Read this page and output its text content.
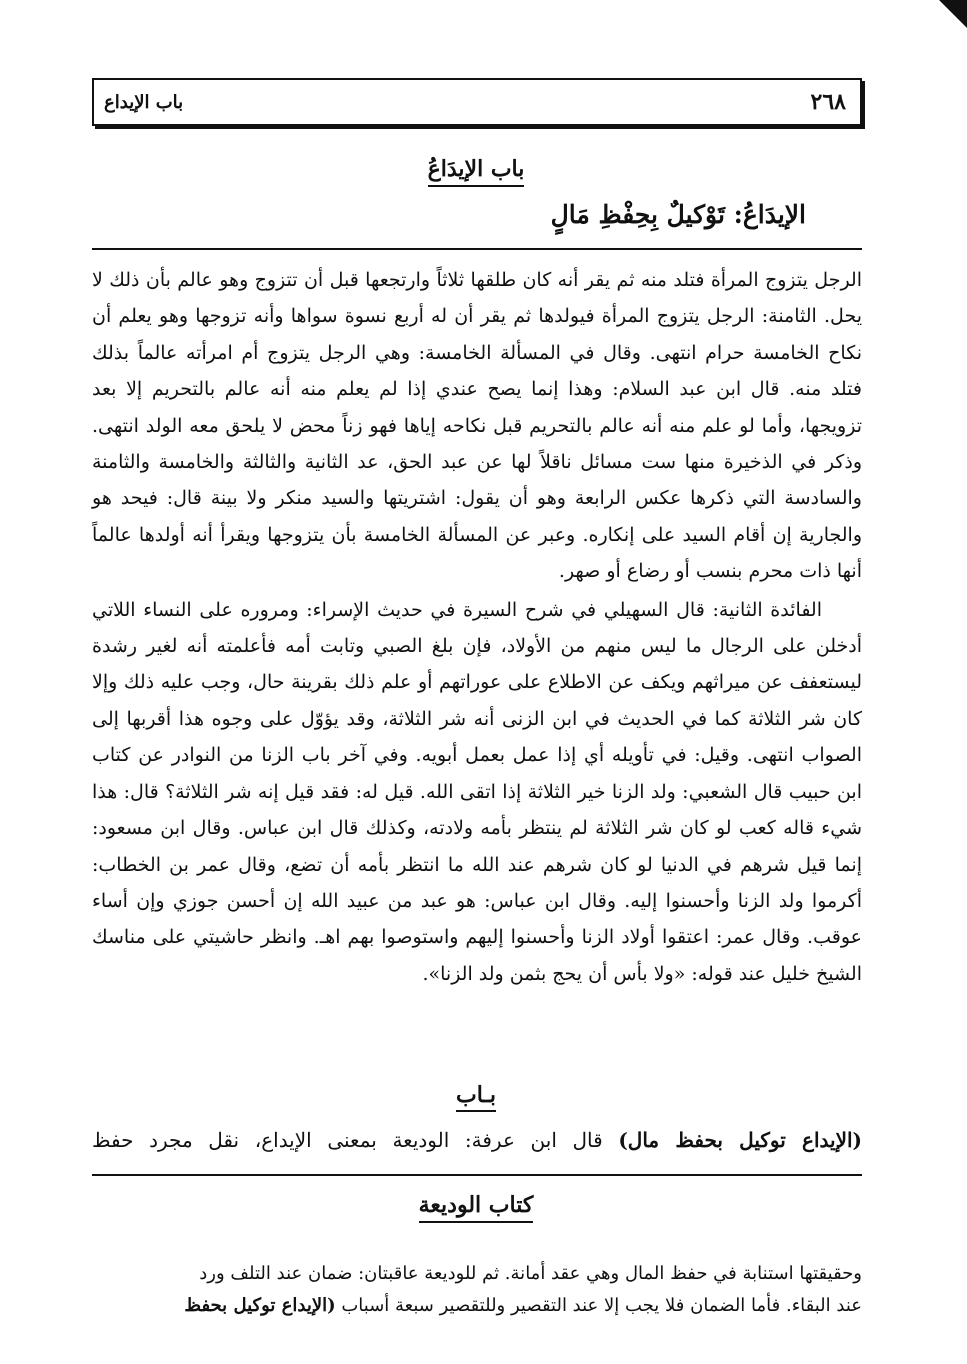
٢٦٨
باب الإيداع
باب الإيدَاعُ
الإيدَاعُ: تَوْكيلٌ بِحِفْظِ مَالٍ

الرجل يتزوج المرأة فتلد منه ثم يقر أنه كان طلقها ثلاثاً وارتجعها قبل أن تتزوج وهو عالم بأن ذلك لا يحل. الثامنة: الرجل يتزوج المرأة فيولدها ثم يقر أن له أربع نسوة سواها وأنه تزوجها وهو يعلم أن نكاح الخامسة حرام انتهى. وقال في المسألة الخامسة: وهي الرجل يتزوج أم امرأته عالماً بذلك فتلد منه. قال ابن عبد السلام: وهذا إنما يصح عندي إذا لم يعلم منه أنه عالم بالتحريم إلا بعد تزويجها، وأما لو علم منه أنه عالم بالتحريم قبل نكاحه إياها فهو زناً محض لا يلحق معه الولد انتهى. وذكر في الذخيرة منها ست مسائل ناقلاً لها عن عبد الحق، عد الثانية والثالثة والخامسة والثامنة والسادسة التي ذكرها عكس الرابعة وهو أن يقول: اشتريتها والسيد منكر ولا بينة قال: فيحد هو والجارية إن أقام السيد على إنكاره. وعبر عن المسألة الخامسة بأن يتزوجها ويقرأ أنه أولدها عالماً أنها ذات محرم بنسب أو رضاع أو صهر.

الفائدة الثانية: قال السهيلي في شرح السيرة في حديث الإسراء: ومروره على النساء اللاتي أدخلن على الرجال ما ليس منهم من الأولاد، فإن بلغ الصبي وتابت أمه فأعلمته أنه لغير رشدة ليستعفف عن ميراثهم ويكف عن الاطلاع على عوراتهم أو علم ذلك بقرينة حال، وجب عليه ذلك وإلا كان شر الثلاثة كما في الحديث في ابن الزنى أنه شر الثلاثة، وقد يؤوّل على وجوه هذا أقربها إلى الصواب انتهى. وقيل: في تأويله أي إذا عمل بعمل أبويه. وفي آخر باب الزنا من النوادر عن كتاب ابن حبيب قال الشعبي: ولد الزنا خير الثلاثة إذا اتقى الله. قيل له: فقد قيل إنه شر الثلاثة؟ قال: هذا شيء قاله كعب لو كان شر الثلاثة لم ينتظر بأمه ولادته، وكذلك قال ابن عباس. وقال ابن مسعود: إنما قيل شرهم في الدنيا لو كان شرهم عند الله ما انتظر بأمه أن تضع، وقال عمر بن الخطاب: أكرموا ولد الزنا وأحسنوا إليه. وقال ابن عباس: هو عبد من عبيد الله إن أحسن جوزي وإن أساء عوقب. وقال عمر: اعتقوا أولاد الزنا وأحسنوا إليهم واستوصوا بهم اهـ. وانظر حاشيتي على مناسك الشيخ خليل عند قوله: «ولا بأس أن يحج بثمن ولد الزنا».

بـاب
(الإيداع توكيل بحفظ مال) قال ابن عرفة: الوديعة بمعنى الإيداع، نقل مجرد حفظ
كتاب الوديعة

وحقيقتها استنابة في حفظ المال وهي عقد أمانة. ثم للوديعة عاقبتان: ضمان عند التلف ورد

عند البقاء. فأما الضمان فلا يجب إلا عند التقصير وللتقصير سبعة أسباب (الإيداع توكيل بحفظ
